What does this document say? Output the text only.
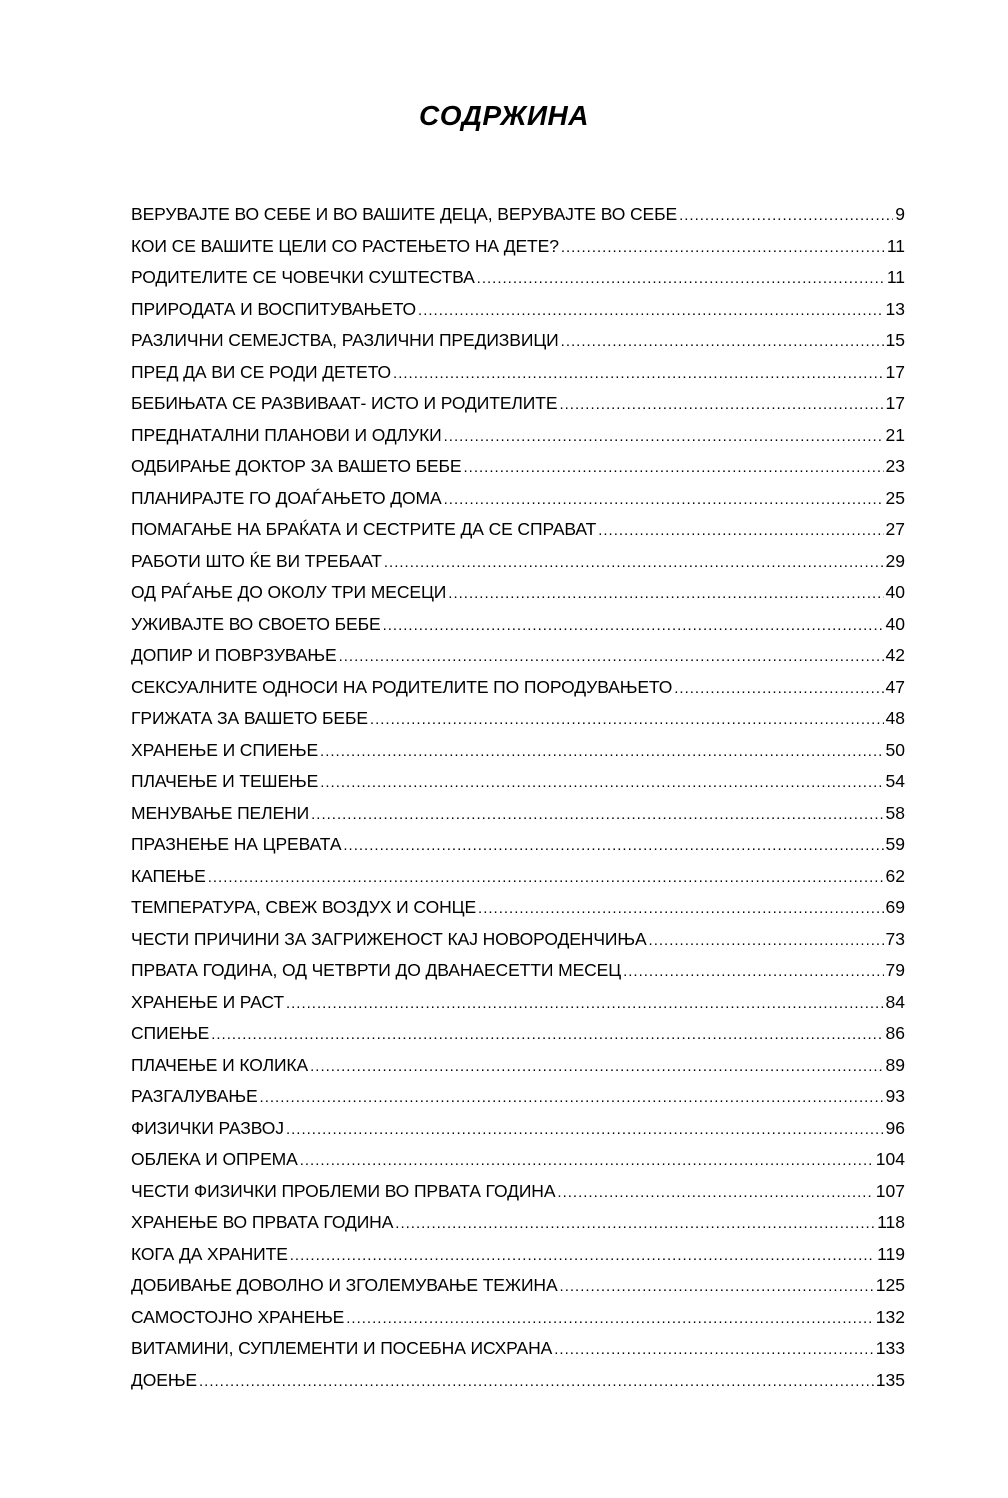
СОДРЖИНА
ВЕРУВАЈТЕ ВО СЕБЕ И ВО ВАШИТЕ ДЕЦА, ВЕРУВАЈТЕ ВО СЕБЕ .....	9
КОИ СЕ ВАШИТЕ ЦЕЛИ СО РАСТЕЊЕТО НА ДЕТЕ? .....	11
РОДИТЕЛИТЕ СЕ ЧОВЕЧКИ СУШТЕСТВА .....	11
ПРИРОДАТА И ВОСПИТУВАЊЕТО .....	13
РАЗЛИЧНИ СЕМЕЈСТВА, РАЗЛИЧНИ ПРЕДИЗВИЦИ .....	15
ПРЕД ДА ВИ СЕ РОДИ ДЕТЕТО .....	17
БЕБИЊАТА СЕ РАЗВИВААТ- ИСТО И РОДИТЕЛИТЕ .....	17
ПРЕДНАТАЛНИ ПЛАНОВИ И ОДЛУКИ .....	21
ОДБИРАЊЕ ДОКТОР ЗА ВАШЕТО БЕБЕ .....	23
ПЛАНИРАЈТЕ ГО ДОАЃАЊЕТО ДОМА .....	25
ПОМАГАЊЕ НА БРАЌАТА И СЕСТРИТЕ ДА СЕ СПРАВАТ .....	27
РАБОТИ ШТО ЌЕ ВИ ТРЕБААТ .....	29
ОД РАЃАЊЕ ДО ОКОЛУ ТРИ МЕСЕЦИ .....	40
УЖИВАЈТЕ ВО СВОЕТО БЕБЕ .....	40
ДОПИР И ПОВРЗУВАЊЕ .....	42
СЕКСУАЛНИТЕ ОДНОСИ НА РОДИТЕЛИТЕ ПО ПОРОДУВАЊЕТО .....	47
ГРИЖАТА ЗА ВАШЕТО БЕБЕ .....	48
ХРАНЕЊЕ И СПИЕЊЕ .....	50
ПЛАЧЕЊЕ И ТЕШЕЊЕ .....	54
МЕНУВАЊЕ ПЕЛЕНИ .....	58
ПРАЗНЕЊЕ НА ЦРЕВАТА .....	59
КАПЕЊЕ .....	62
ТЕМПЕРАТУРА, СВЕЖ ВОЗДУХ И СОНЦЕ .....	69
ЧЕСТИ ПРИЧИНИ ЗА ЗАГРИЖЕНОСТ КАЈ НОВОРОДЕНЧИЊА .....	73
ПРВАТА ГОДИНА, ОД ЧЕТВРТИ ДО ДВАНАЕСЕТТИ МЕСЕЦ .....	79
ХРАНЕЊЕ И РАСТ .....	84
СПИЕЊЕ .....	86
ПЛАЧЕЊЕ И КОЛИКА .....	89
РАЗГАЛУВАЊЕ .....	93
ФИЗИЧКИ РАЗВОЈ .....	96
ОБЛЕКА И ОПРЕМА .....	104
ЧЕСТИ ФИЗИЧКИ ПРОБЛЕМИ ВО ПРВАТА ГОДИНА .....	107
ХРАНЕЊЕ ВО ПРВАТА ГОДИНА .....	118
КОГА ДА ХРАНИТЕ .....	119
ДОБИВАЊЕ ДОВОЛНО И ЗГОЛЕМУВАЊЕ ТЕЖИНА .....	125
САМОСТОЈНО ХРАНЕЊЕ .....	132
ВИТАМИНИ, СУПЛЕМЕНТИ И ПОСЕБНА ИСХРАНА .....	133
ДОЕЊЕ .....	135
